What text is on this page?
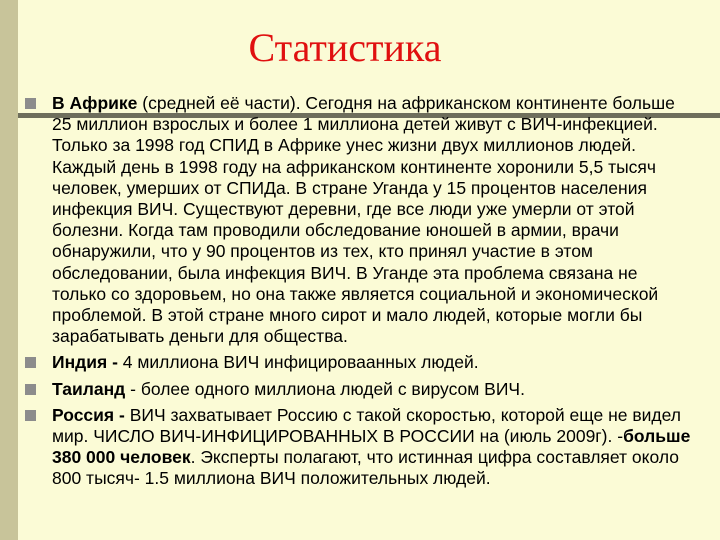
Статистика
В Африке (средней её части). Сегодня на африканском континенте больше 25 миллион взрослых и более 1 миллиона детей живут с ВИЧ-инфекцией. Только за 1998 год СПИД в Африке унес жизни двух миллионов людей. Каждый день в 1998 году на африканском континенте хоронили 5,5 тысяч человек, умерших от СПИДа. В стране Уганда у 15 процентов населения инфекция ВИЧ. Существуют деревни, где все люди уже умерли от этой болезни. Когда там проводили обследование юношей в армии, врачи обнаружили, что у 90 процентов из тех, кто принял участие в этом обследовании, была инфекция ВИЧ. В Уганде эта проблема связана не только со здоровьем, но она также является социальной и экономической проблемой. В этой стране много сирот и мало людей, которые могли бы зарабатывать деньги для общества.
Индия - 4 миллиона ВИЧ инфицироваанных людей.
Таиланд - более одного миллиона людей с вирусом ВИЧ.
Россия - ВИЧ захватывает Россию с такой скоростью, которой еще не видел мир. ЧИСЛО ВИЧ-ИНФИЦИРОВАННЫХ В РОССИИ на (июль 2009г). -больше 380 000 человек. Эксперты полагают, что истинная цифра составляет около 800 тысяч- 1.5 миллиона ВИЧ положительных людей.
